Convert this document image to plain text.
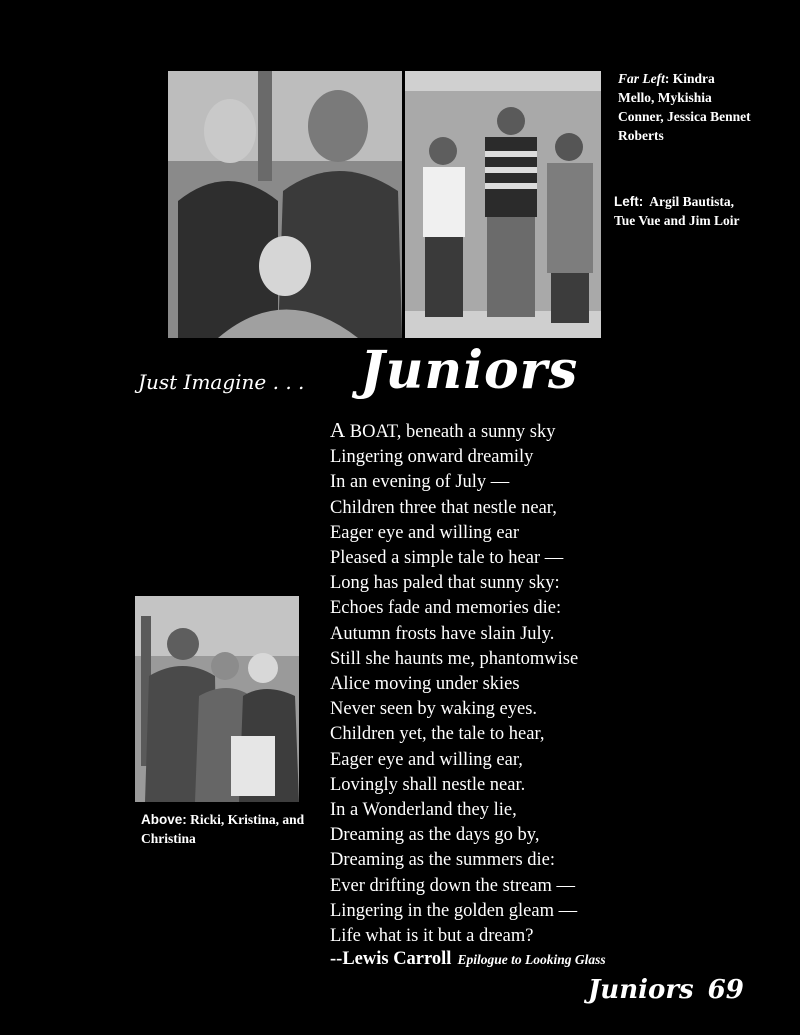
Far Left: Kindra Mello, Mykishia Conner, Jessica Bennet Roberts
Left:  Argil Bautista,  Tue Vue and Jim Loir
Above: Ricki, Kristina, and Christina
Just Imagine . . . Juniors
A BOAT, beneath a sunny sky
Lingering onward dreamily
In an evening of July —
Children three that nestle near,
Eager eye and willing ear
Pleased a simple tale to hear —
Long has paled that sunny sky:
Echoes fade and memories die:
Autumn frosts have slain July.
Still she haunts me, phantomwise
Alice moving under skies
Never seen by waking eyes.
Children yet, the tale to hear,
Eager eye and willing ear,
Lovingly shall nestle near.
In a Wonderland they lie,
Dreaming as the days go by,
Dreaming as the summers die:
Ever drifting down the stream —
Lingering in the golden gleam —
Life what is it but a dream?
--Lewis Carroll Epilogue to Looking Glass
Juniors 69
